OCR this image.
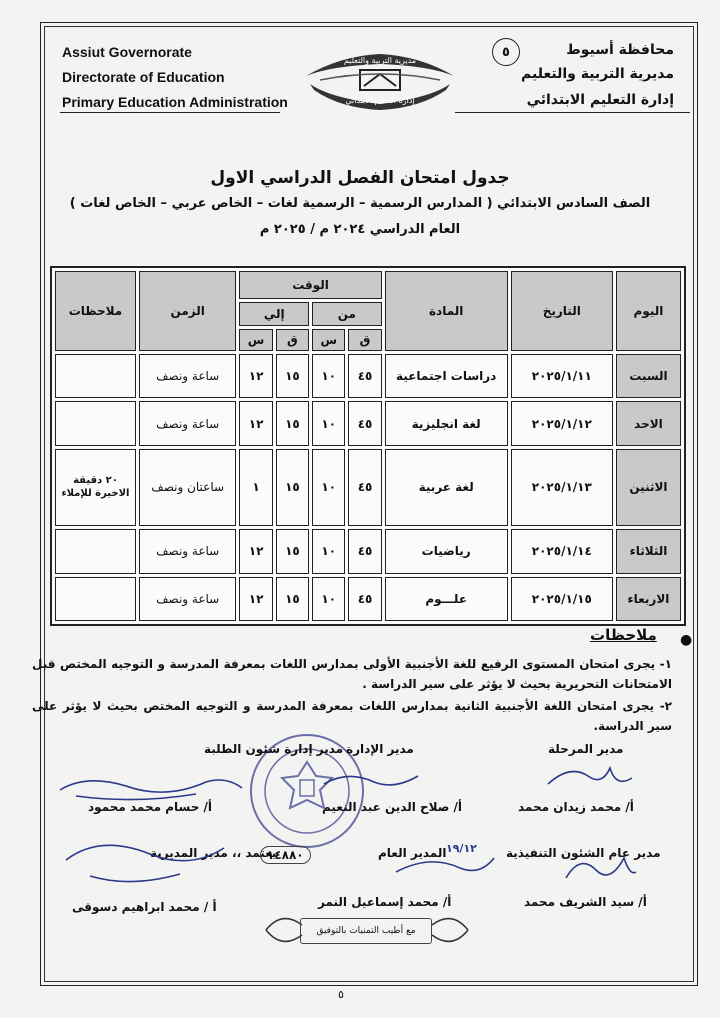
Assiut Governorate
Directorate of Education
Primary Education Administration
محافظة أسيوط
مديرية التربية والتعليم
إدارة التعليم الابتدائي
٥
مديرية التربية والتعليم
إدارة التعليم الابتدائي
جدول امتحان الفصل الدراسي الاول
الصف السادس الابتدائي ( المدارس الرسمية – الرسمية لغات – الخاص عربي – الخاص لغات )
العام الدراسي ٢٠٢٤ م / ٢٠٢٥ م
اليوم	التاريخ	المادة	الوقت				الزمن	ملاحظات
			من		إلي			
			ق	س	ق	س		
السبت	٢٠٢٥/١/١١	دراسات اجتماعية	٤٥	١٠	١٥	١٢	ساعة ونصف	
الاحد	٢٠٢٥/١/١٢	لغة انجليزية	٤٥	١٠	١٥	١٢	ساعة ونصف	
الاثنين	٢٠٢٥/١/١٣	لغة عربية	٤٥	١٠	١٥	١	ساعتان ونصف	٢٠ دقيقة الاخيرة للإملاء
الثلاثاء	٢٠٢٥/١/١٤	رياضيات	٤٥	١٠	١٥	١٢	ساعة ونصف	
الاربعاء	٢٠٢٥/١/١٥	علـــوم	٤٥	١٠	١٥	١٢	ساعة ونصف	
●
ملاحظات
١- يجرى امتحان المستوى الرفيع للغة الأجنبية الأولى بمدارس اللغات بمعرفة المدرسة و التوجيه المختص قبل الامتحانات التحريرية بحيث لا يؤثر على سير الدراسة .
٢- يجرى امتحان اللغة الأجنبية الثانية بمدارس اللغات بمعرفة المدرسة و التوجيه المختص بحيث لا يؤثر على سير الدراسة.
مدير المرحلة
مدير الإدارة
مدير إدارة شئون الطلبة
أ/ محمد زيدان محمد
أ/ صلاح الدين عبد النعيم
أ/ حسام محمد محمود
مدير عام الشئون التنفيذية
المدير العام
يعتمد ،، مدير المديرية
١٤٨٨٠	١٩/١٢
أ/ سيد الشريف محمد
أ/ محمد إسماعيل النمر
أ / محمد ابراهيم دسوقى
مع أطيب التمنيات بالتوفيق
٥
